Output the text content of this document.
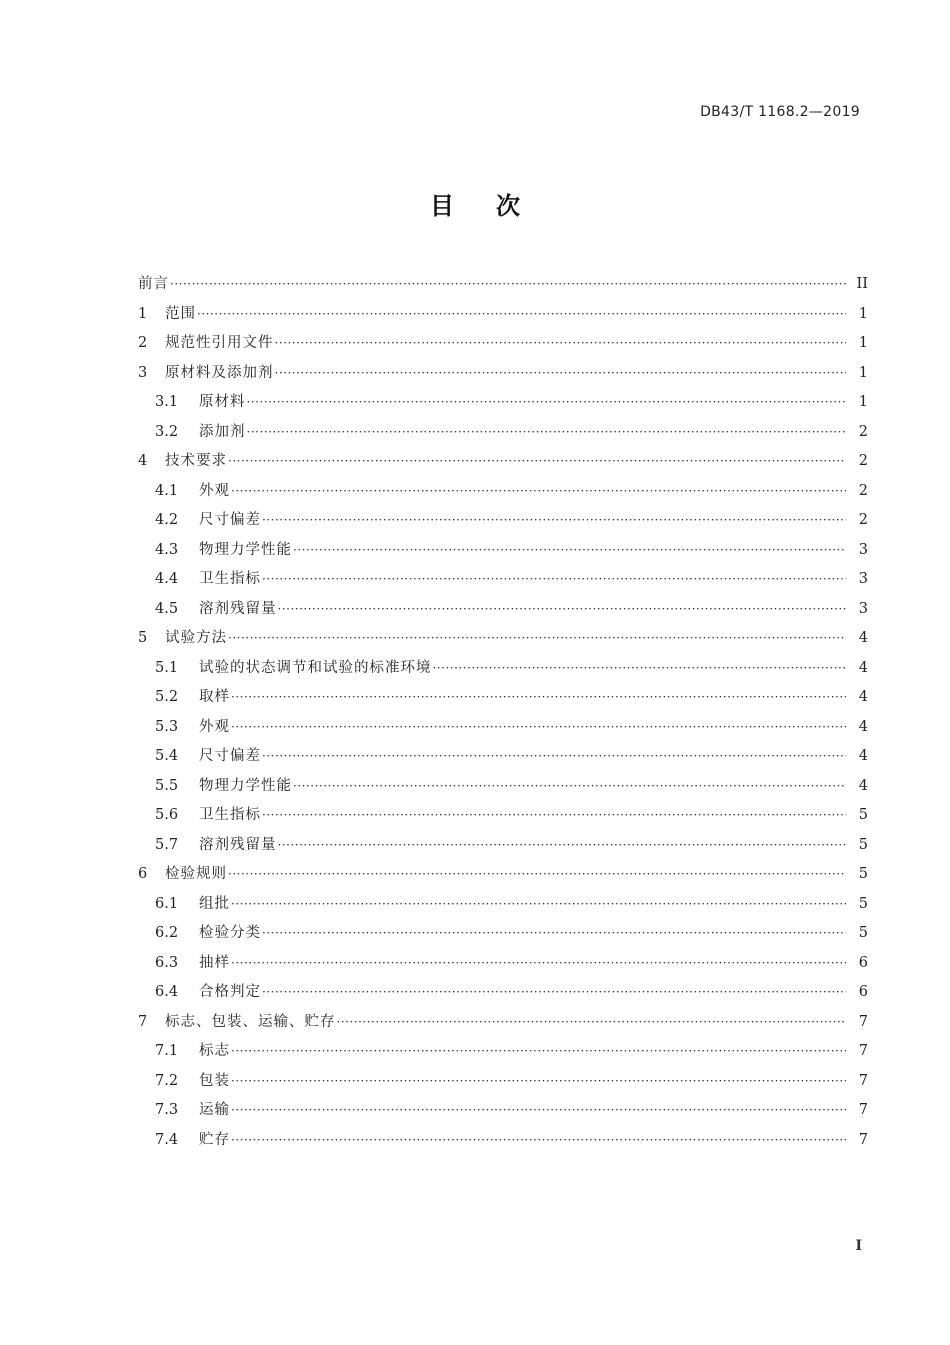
DB43/T 1168.2—2019
目次
前言 ·····	II
1	范围 ·····	1
2	规范性引用文件 ·····	1
3	原材料及添加剂 ·····	1
3.1	原材料 ·····	1
3.2	添加剂 ·····	2
4	技术要求 ·····	2
4.1	外观 ·····	2
4.2	尺寸偏差 ·····	2
4.3	物理力学性能 ·····	3
4.4	卫生指标 ·····	3
4.5	溶剂残留量 ·····	3
5	试验方法 ·····	4
5.1	试验的状态调节和试验的标准环境 ·····	4
5.2	取样 ·····	4
5.3	外观 ·····	4
5.4	尺寸偏差 ·····	4
5.5	物理力学性能 ·····	4
5.6	卫生指标 ·····	5
5.7	溶剂残留量 ·····	5
6	检验规则 ·····	5
6.1	组批 ·····	5
6.2	检验分类 ·····	5
6.3	抽样 ·····	6
6.4	合格判定 ·····	6
7	标志、包装、运输、贮存 ·····	7
7.1	标志 ·····	7
7.2	包装 ·····	7
7.3	运输 ·····	7
7.4	贮存 ·····	7
I
